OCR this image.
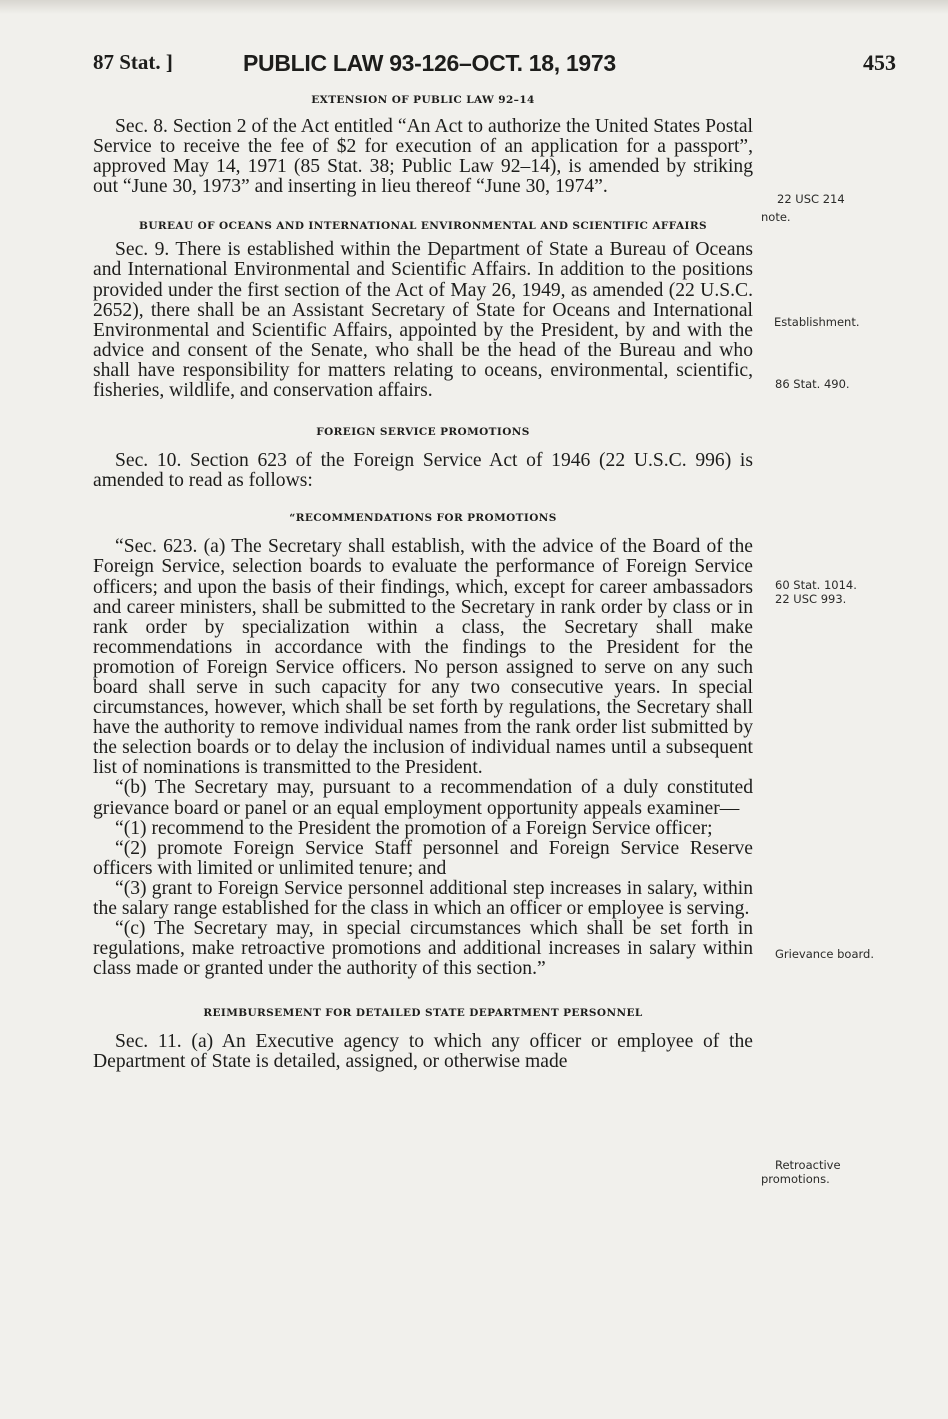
87 Stat. ]	PUBLIC LAW 93-126–OCT. 18, 1973	453

EXTENSION OF PUBLIC LAW 92–14

Sec. 8. Section 2 of the Act entitled “An Act to authorize the United States Postal Service to receive the fee of $2 for execution of an application for a passport”, approved May 14, 1971 (85 Stat. 38; Public Law 92–14), is amended by striking out “June 30, 1973” and inserting in lieu thereof “June 30, 1974”.

BUREAU OF OCEANS AND INTERNATIONAL ENVIRONMENTAL AND SCIENTIFIC AFFAIRS

Sec. 9. There is established within the Department of State a Bureau of Oceans and International Environmental and Scientific Affairs. In addition to the positions provided under the first section of the Act of May 26, 1949, as amended (22 U.S.C. 2652), there shall be an Assistant Secretary of State for Oceans and International Environmental and Scientific Affairs, appointed by the President, by and with the advice and consent of the Senate, who shall be the head of the Bureau and who shall have responsibility for matters relating to oceans, environmental, scientific, fisheries, wildlife, and conservation affairs.

FOREIGN SERVICE PROMOTIONS

Sec. 10. Section 623 of the Foreign Service Act of 1946 (22 U.S.C. 996) is amended to read as follows:

“RECOMMENDATIONS FOR PROMOTIONS

“Sec. 623. (a) The Secretary shall establish, with the advice of the Board of the Foreign Service, selection boards to evaluate the performance of Foreign Service officers; and upon the basis of their findings, which, except for career ambassadors and career ministers, shall be submitted to the Secretary in rank order by class or in rank order by specialization within a class, the Secretary shall make recommendations in accordance with the findings to the President for the promotion of Foreign Service officers. No person assigned to serve on any such board shall serve in such capacity for any two consecutive years. In special circumstances, however, which shall be set forth by regulations, the Secretary shall have the authority to remove individual names from the rank order list submitted by the selection boards or to delay the inclusion of individual names until a subsequent list of nominations is transmitted to the President.

“(b) The Secretary may, pursuant to a recommendation of a duly constituted grievance board or panel or an equal employment opportunity appeals examiner—

“(1) recommend to the President the promotion of a Foreign Service officer;

“(2) promote Foreign Service Staff personnel and Foreign Service Reserve officers with limited or unlimited tenure; and

“(3) grant to Foreign Service personnel additional step increases in salary, within the salary range established for the class in which an officer or employee is serving.

“(c) The Secretary may, in special circumstances which shall be set forth in regulations, make retroactive promotions and additional increases in salary within class made or granted under the authority of this section.”

REIMBURSEMENT FOR DETAILED STATE DEPARTMENT PERSONNEL

Sec. 11. (a) An Executive agency to which any officer or employee of the Department of State is detailed, assigned, or otherwise made

22 USC 214
note.
Establishment.
86 Stat. 490.
60 Stat. 1014.
22 USC 993.
Grievance board.
Retroactive
promotions.
